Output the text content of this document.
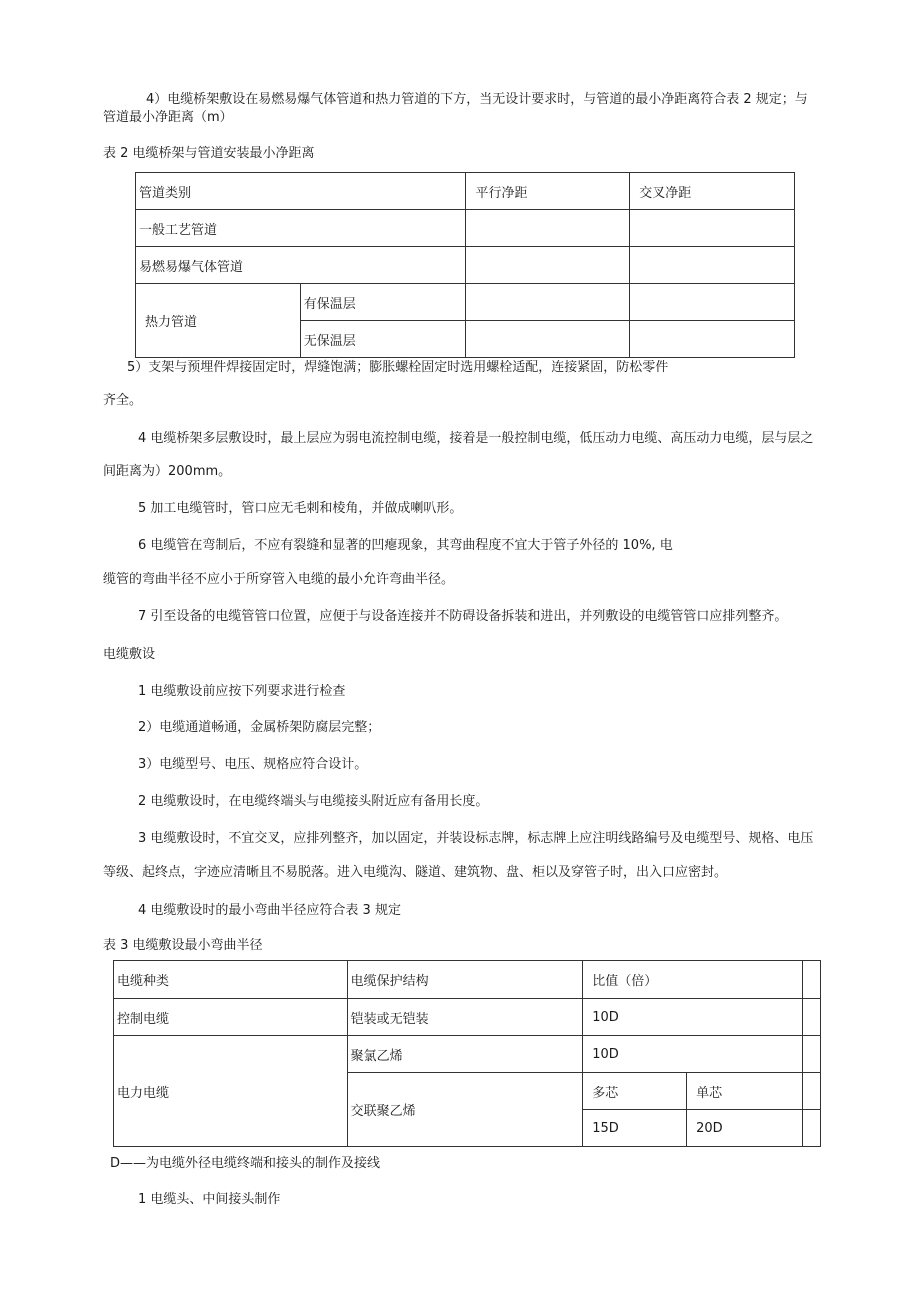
4）电缆桥架敷设在易燃易爆气体管道和热力管道的下方，当无设计要求时，与管道的最小净距离符合表 2 规定；与
管道最小净距离（m）
表 2 电缆桥架与管道安装最小净距离
管道类别		平行净距	交叉净距
一般工艺管道			
易燃易爆气体管道			
热力管道	有保温层		
	无保温层		
5）支架与预埋件焊接固定时，焊缝饱满；膨胀螺栓固定时选用螺栓适配，连接紧固，防松零件
齐全。
4 电缆桥架多层敷设时，最上层应为弱电流控制电缆，接着是一般控制电缆，低压动力电缆、高压动力电缆，层与层之
间距离为）200mm。
5 加工电缆管时，管口应无毛刺和棱角，并做成喇叭形。
6 电缆管在弯制后，不应有裂缝和显著的凹瘪现象，其弯曲程度不宜大于管子外径的 10%, 电
缆管的弯曲半径不应小于所穿管入电缆的最小允许弯曲半径。
7 引至设备的电缆管管口位置，应便于与设备连接并不防碍设备拆装和进出，并列敷设的电缆管管口应排列整齐。
电缆敷设
1 电缆敷设前应按下列要求进行检查
2）电缆通道畅通，金属桥架防腐层完整；
3）电缆型号、电压、规格应符合设计。
2 电缆敷设时，在电缆终端头与电缆接头附近应有备用长度。
3 电缆敷设时，不宜交叉，应排列整齐，加以固定，并装设标志牌，标志牌上应注明线路编号及电缆型号、规格、电压
等级、起终点，字迹应清晰且不易脱落。进入电缆沟、隧道、建筑物、盘、柜以及穿管子时，出入口应密封。
4 电缆敷设时的最小弯曲半径应符合表 3 规定
表 3 电缆敷设最小弯曲半径
电缆种类	电缆保护结构	比值（倍）		
控制电缆	铠装或无铠装	10D		
电力电缆	聚氯乙烯	10D		
	交联聚乙烯	多芯	单芯	
		15D	20D	
D——为电缆外径电缆终端和接头的制作及接线
1 电缆头、中间接头制作
